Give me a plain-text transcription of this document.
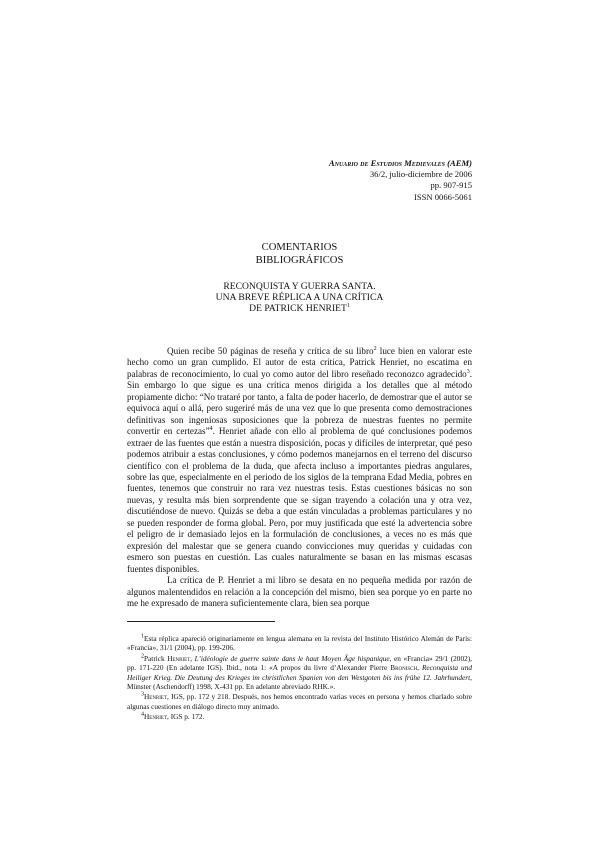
Anuario de Estudios Medievales (AEM)
36/2, julio-diciembre de 2006
pp. 907-915
ISSN 0066-5061
COMENTARIOS
BIBLIOGRÁFICOS
RECONQUISTA Y GUERRA SANTA.
UNA BREVE RÉPLICA A UNA CRÍTICA
DE PATRICK HENRIET$^1$

Quien recibe 50 páginas de reseña y crítica de su libro$^2$ luce bien en valorar este hecho como un gran cumplido. El autor de esta crítica, Patrick Henriet, no escatima en palabras de reconocimiento, lo cual yo como autor del libro reseñado reconozco agradecido$^3$. Sin embargo lo que sigue es una crítica menos dirigida a los detalles que al método propiamente dicho: “No trataré por tanto, a falta de poder hacerlo, de demostrar que el autor se equivoca aquí o allá, pero sugeriré más de una vez que lo que presenta como demostraciones definitivas son ingeniosas suposiciones que la pobreza de nuestras fuentes no permite convertir en certezas”$^4$. Henriet añade con ello al problema de qué conclusiones podemos extraer de las fuentes que están a nuestra disposición, pocas y difíciles de interpretar, qué peso podemos atribuir a estas conclusiones, y cómo podemos manejarnos en el terreno del discurso científico con el problema de la duda, que afecta incluso a importantes piedras angulares, sobre las que, especialmente en el periodo de los siglos de la temprana Edad Media, pobres en fuentes, tenemos que construir no rara vez nuestras tesis. Estas cuestiones básicas no son nuevas, y resulta más bien sorprendente que se sigan trayendo a colación una y otra vez, discutiéndose de nuevo. Quizás se deba a que están vinculadas a problemas particulares y no se pueden responder de forma global. Pero, por muy justificada que esté la advertencia sobre el peligro de ir demasiado lejos en la formulación de conclusiones, a veces no es más que expresión del malestar que se genera cuando convicciones muy queridas y cuidadas con esmero son puestas en cuestión. Las cuales naturalmente se basan en las mismas escasas fuentes disponibles.

La crítica de P. Henriet a mi libro se desata en no pequeña medida por razón de algunos malentendidos en relación a la concepción del mismo, bien sea porque yo en parte no me he expresado de manera suficientemente clara, bien sea porque

$^1$Esta réplica apareció originariamente en lengua alemana en la revista del Instituto Histórico Alemán de París: «Francia», 31/1 (2004), pp. 199-206.

$^2$Patrick Henriet, L’idéologie de guerre sainte dans le haut Moyen Âge hispanique, en «Francia» 29/1 (2002), pp. 171-220 (En adelante IGS). Ibid., nota 1: «A propos du livre d’Alexander Pierre Bronisch, Reconquista und Heiliger Krieg. Die Deutung des Krieges im christlichen Spanien von den Westgoten bis ins frühe 12. Jahrhundert, Münster (Aschendorff) 1998, X-431 pp. En adelante abreviado RHK.».

$^3$Henriet, IGS, pp. 172 y 218. Después, nos hemos encontrado varias veces en persona y hemos charlado sobre algunas cuestiones en diálogo directo muy animado.

$^4$Henriet, IGS p. 172.
